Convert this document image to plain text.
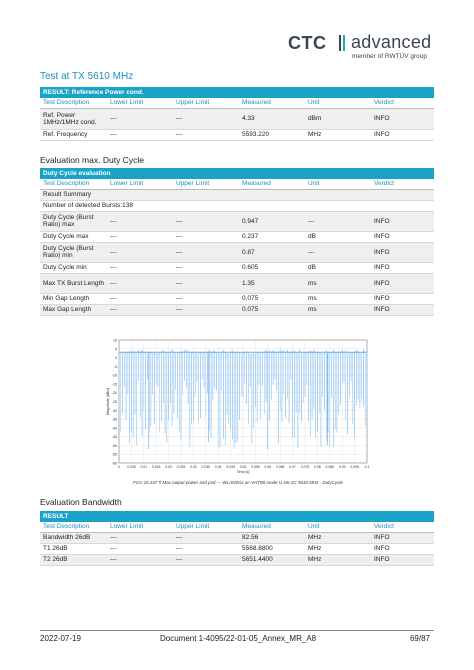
CTC advanced
member of RWTÜV group
Test at TX 5610 MHz
RESULT: Reference Power cond.					
Test Description	Lower Limit	Upper Limit	Measured	Unit	Verdict
Ref. Power 1MHz/1MHz cond.	---	---	4.33	dBm	INFO
Ref. Frequency	---	---	5593.220	MHz	INFO
Evaluation max. Duty Cycle
Duty Cycle evaluation					
Test Description	Lower Limit	Upper Limit	Measured	Unit	Verdict
Result Summary					
Number of detected Bursts:138					
Duty Cycle (Burst Ratio) max	---	---	0.947	---	INFO
Duty Cycle max	---	---	0.237	dB	INFO
Duty Cycle (Burst Ratio) min	---	---	0.87	---	INFO
Duty Cycle min	---	---	0.605	dB	INFO
Max TX Burst Length	---	---	1.35	ms	INFO
Min Gap Length	---	---	0.075	ms	INFO
Max Gap Length	---	---	0.075	ms	INFO
10
5
0
-5
-10
-15
-20
-25
-30
-35
-40
-45
-50
-55
-60
0 0.005 0.01 0.015 0.02 0.025 0.03 0.035 0.04 0.045 0.05 0.055 0.06 0.065 0.07 0.075 0.08 0.085 0.09 0.095 0.1
Time [s]
Magnitude [dBm]
FCC 15.247 # Max output power and psd — WLAN5Gx ac-VHT80 mode U-NII-2C 5610 MHz - DutyCycle
Evaluation Bandwidth
RESULT					
Test Description	Lower Limit	Upper Limit	Measured	Unit	Verdict
Bandwidth 26dB	---	---	82.56	MHz	INFO
T1 26dB	---	---	5568.8800	MHz	INFO
T2 26dB	---	---	5651.4400	MHz	INFO
2022-07-19	Document 1-4095/22-01-05_Annex_MR_A8	69/87
